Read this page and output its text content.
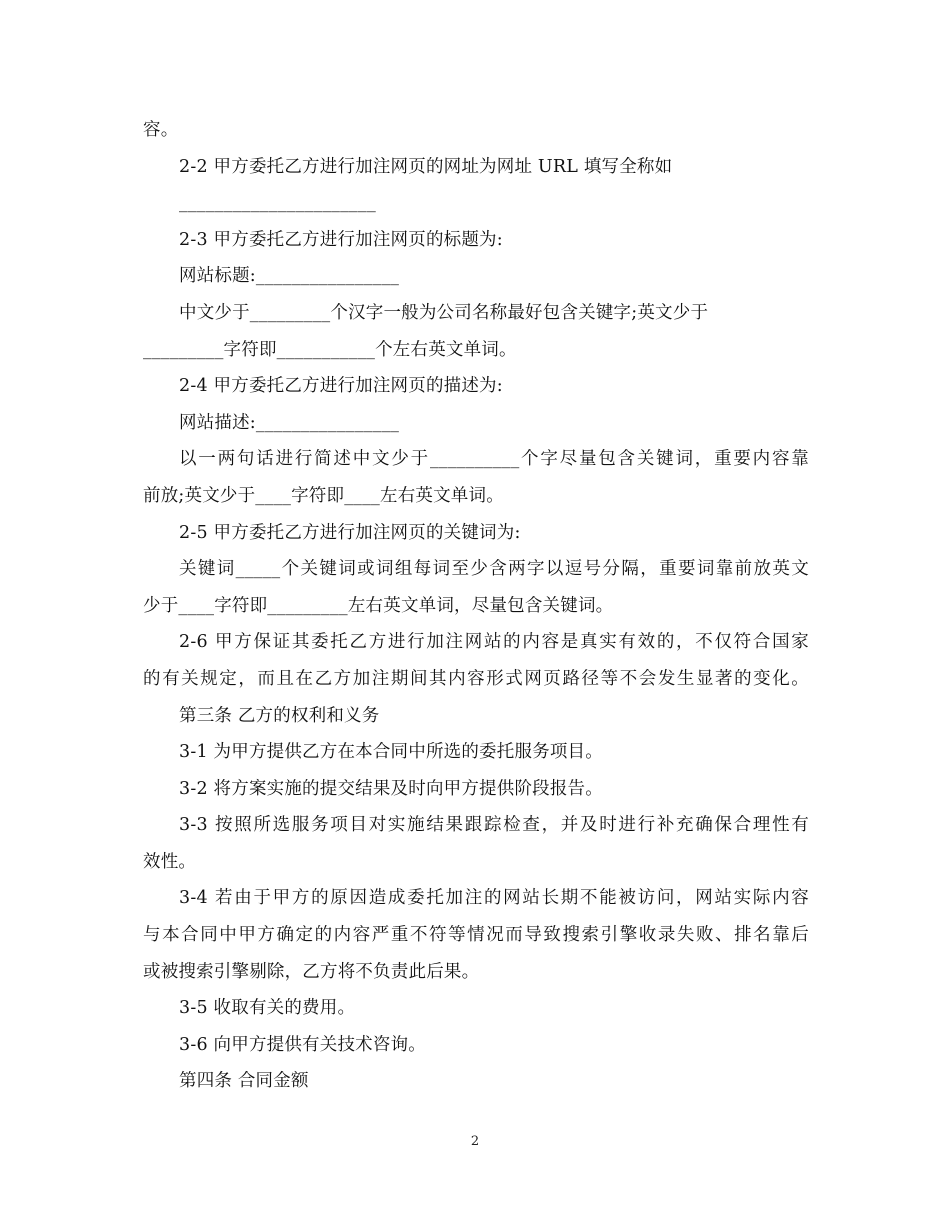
容。

2-2 甲方委托乙方进行加注网页的网址为网址 URL 填写全称如

______________________

2-3 甲方委托乙方进行加注网页的标题为:

网站标题:________________

中文少于_________个汉字一般为公司名称最好包含关键字;英文少于

_________字符即___________个左右英文单词。

2-4 甲方委托乙方进行加注网页的描述为:

网站描述:________________

以一两句话进行简述中文少于__________个字尽量包含关键词，重要内容靠

前放;英文少于____字符即____左右英文单词。

2-5 甲方委托乙方进行加注网页的关键词为:

关键词_____个关键词或词组每词至少含两字以逗号分隔，重要词靠前放英文

少于____字符即_________左右英文单词，尽量包含关键词。

2-6 甲方保证其委托乙方进行加注网站的内容是真实有效的，不仅符合国家

的有关规定，而且在乙方加注期间其内容形式网页路径等不会发生显著的变化。

第三条 乙方的权利和义务

3-1 为甲方提供乙方在本合同中所选的委托服务项目。

3-2 将方案实施的提交结果及时向甲方提供阶段报告。

3-3 按照所选服务项目对实施结果跟踪检查，并及时进行补充确保合理性有

效性。

3-4 若由于甲方的原因造成委托加注的网站长期不能被访问，网站实际内容

与本合同中甲方确定的内容严重不符等情况而导致搜索引擎收录失败、排名靠后

或被搜索引擎剔除，乙方将不负责此后果。

3-5 收取有关的费用。

3-6 向甲方提供有关技术咨询。

第四条 合同金额

2
